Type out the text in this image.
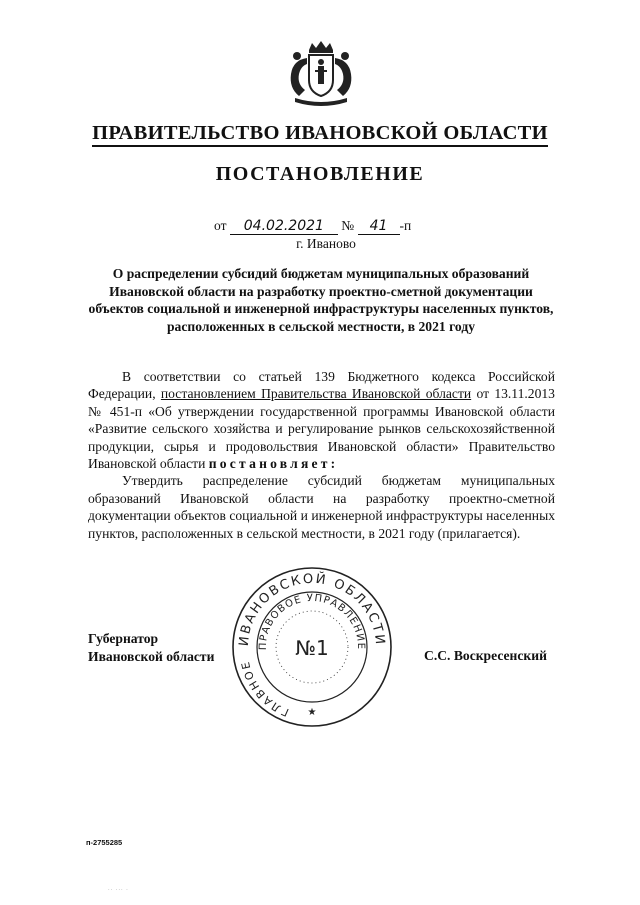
ПРАВИТЕЛЬСТВО ИВАНОВСКОЙ ОБЛАСТИ
ПОСТАНОВЛЕНИЕ
от 04.02.2021 № 41 -п
г. Иваново
О распределении субсидий бюджетам муниципальных образований Ивановской области на разработку проектно-сметной документации объектов социальной и инженерной инфраструктуры населенных пунктов, расположенных в сельской местности, в 2021 году

В соответствии со статьей 139 Бюджетного кодекса Российской Федерации, постановлением Правительства Ивановской области от 13.11.2013 № 451-п «Об утверждении государственной программы Ивановской области «Развитие сельского хозяйства и регулирование рынков сельскохозяйственной продукции, сырья и продовольствия Ивановской области» Правительство Ивановской области постановляет:

Утвердить распределение субсидий бюджетам муниципальных образований Ивановской области на разработку проектно-сметной документации объектов социальной и инженерной инфраструктуры населенных пунктов, расположенных в сельской местности, в 2021 году (прилагается).

ИВАНОВСКОЙ ОБЛАСТИ
ПРАВОВОЕ УПРАВЛЕНИЕ
ГЛАВНОЕ
№1
★
Губернатор
Ивановской области	С.С. Воскресенский
п-2755285
·· ··· ·
